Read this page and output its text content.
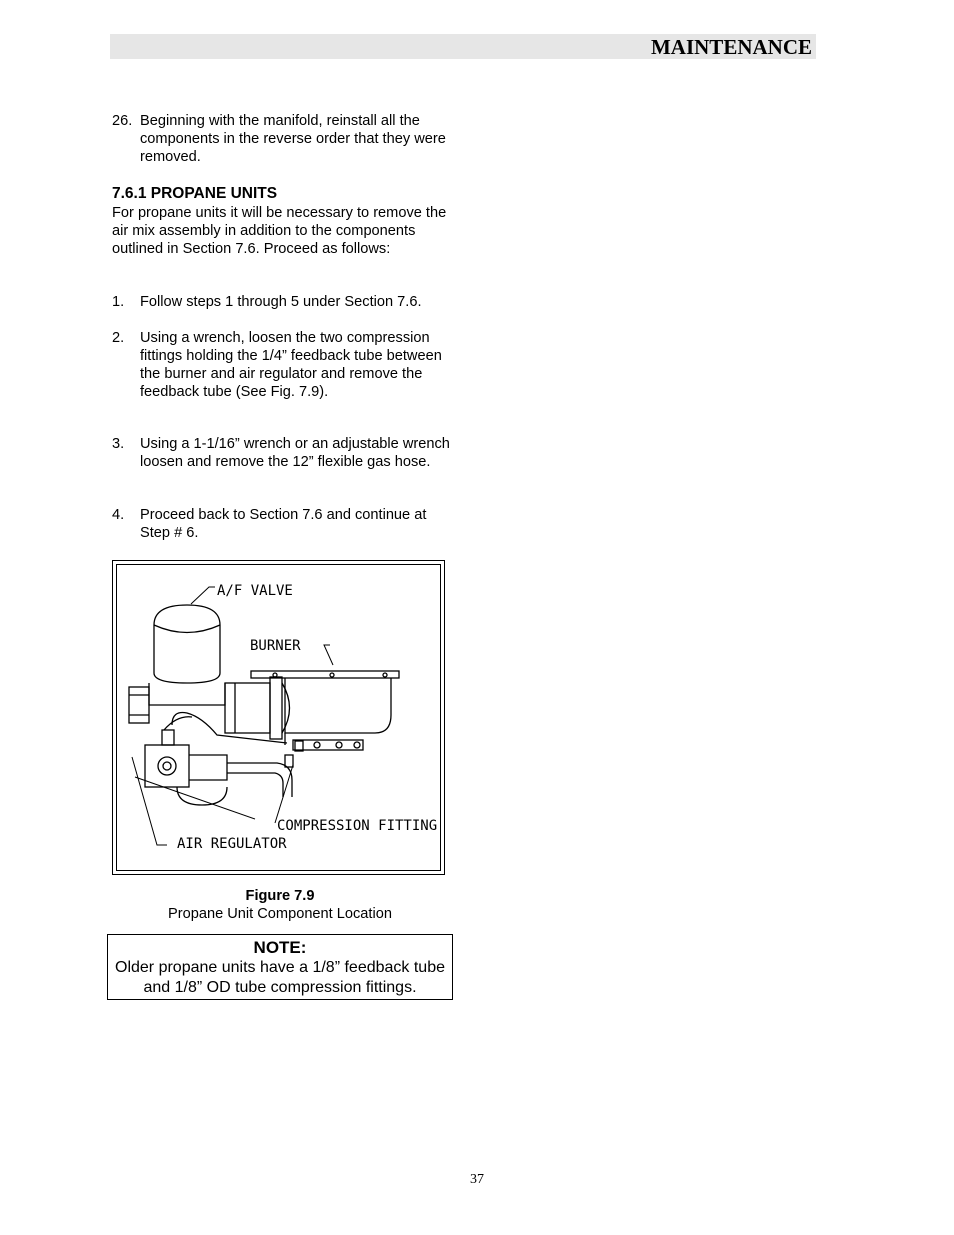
MAINTENANCE
26. Beginning with the manifold, reinstall all the components in the reverse order that they were removed.
7.6.1 PROPANE UNITS
For propane units it will be necessary to remove the air mix assembly in addition to the components outlined in Section 7.6. Proceed as follows:
1. Follow steps 1 through 5 under Section 7.6.
2. Using a wrench, loosen the two compression fittings holding the 1/4” feedback tube between the burner and air regulator and remove the feedback tube (See Fig. 7.9).
3. Using a 1-1/16” wrench or an adjustable wrench loosen and remove the 12” flexible gas hose.
4. Proceed back to Section 7.6 and continue at Step # 6.
A/F VALVE
BURNER
COMPRESSION FITTING
AIR REGULATOR
Figure 7.9
Propane Unit Component Location
NOTE:
Older propane units have a 1/8” feedback tube and 1/8” OD tube compression fittings.
37
